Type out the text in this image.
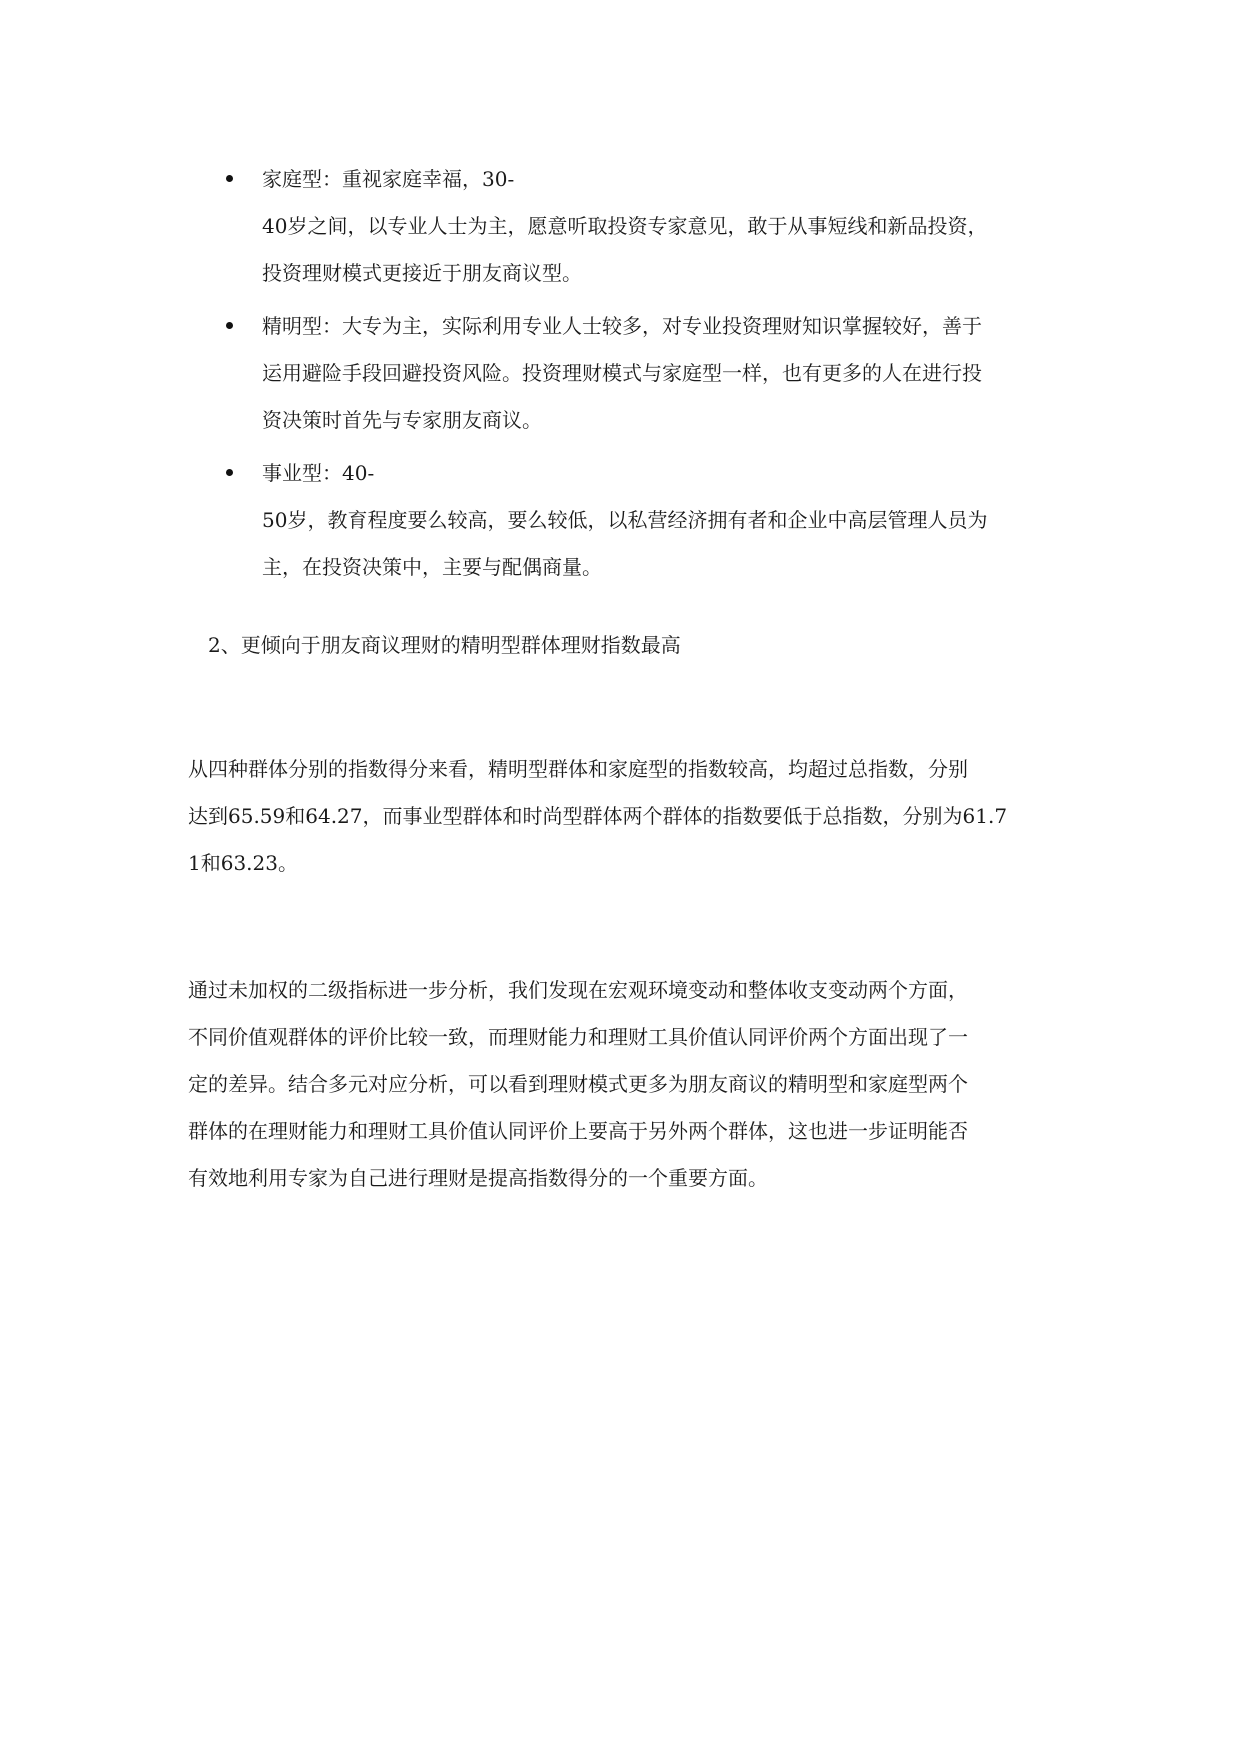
家庭型：重视家庭幸福，30-
40岁之间，以专业人士为主，愿意听取投资专家意见，敢于从事短线和新品投资，
投资理财模式更接近于朋友商议型。
精明型：大专为主，实际利用专业人士较多，对专业投资理财知识掌握较好，善于
运用避险手段回避投资风险。投资理财模式与家庭型一样，也有更多的人在进行投
资决策时首先与专家朋友商议。
事业型：40-
50岁，教育程度要么较高，要么较低，以私营经济拥有者和企业中高层管理人员为
主，在投资决策中，主要与配偶商量。
2、更倾向于朋友商议理财的精明型群体理财指数最高
从四种群体分别的指数得分来看，精明型群体和家庭型的指数较高，均超过总指数，分别
达到65.59和64.27，而事业型群体和时尚型群体两个群体的指数要低于总指数，分别为61.7
1和63.23。
通过未加权的二级指标进一步分析，我们发现在宏观环境变动和整体收支变动两个方面，
不同价值观群体的评价比较一致，而理财能力和理财工具价值认同评价两个方面出现了一
定的差异。结合多元对应分析，可以看到理财模式更多为朋友商议的精明型和家庭型两个
群体的在理财能力和理财工具价值认同评价上要高于另外两个群体，这也进一步证明能否
有效地利用专家为自己进行理财是提高指数得分的一个重要方面。
